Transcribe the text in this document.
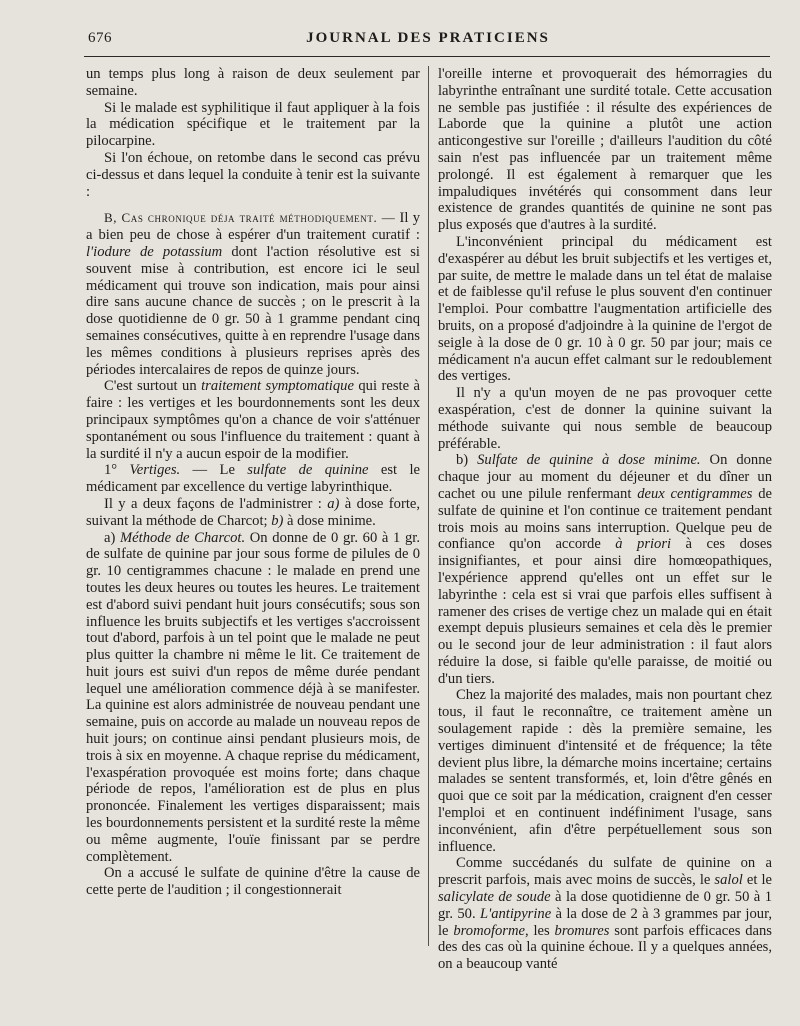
676	JOURNAL DES PRATICIENS

un temps plus long à raison de deux seulement par semaine.

Si le malade est syphilitique il faut appliquer à la fois la médication spécifique et le traitement par la pilocarpine.

Si l'on échoue, on retombe dans le second cas prévu ci-dessus et dans lequel la conduite à tenir est la suivante :

B, Cas chronique déja traité méthodiquement. — Il y a bien peu de chose à espérer d'un traitement curatif : l'iodure de potassium dont l'action résolutive est si souvent mise à contribution, est encore ici le seul médicament qui trouve son indication, mais pour ainsi dire sans aucune chance de succès ; on le prescrit à la dose quotidienne de 0 gr. 50 à 1 gramme pendant cinq semaines consécutives, quitte à en reprendre l'usage dans les mêmes conditions à plusieurs reprises après des périodes intercalaires de repos de quinze jours.

C'est surtout un traitement symptomatique qui reste à faire : les vertiges et les bourdonnements sont les deux principaux symptômes qu'on a chance de voir s'atténuer spontanément ou sous l'influence du traitement : quant à la surdité il n'y a aucun espoir de la modifier.

1° Vertiges. — Le sulfate de quinine est le médicament par excellence du vertige labyrinthique.

Il y a deux façons de l'administrer : a) à dose forte, suivant la méthode de Charcot; b) à dose minime.

a) Méthode de Charcot. On donne de 0 gr. 60 à 1 gr. de sulfate de quinine par jour sous forme de pilules de 0 gr. 10 centigrammes chacune : le malade en prend une toutes les deux heures ou toutes les heures. Le traitement est d'abord suivi pendant huit jours consécutifs; sous son influence les bruits subjectifs et les vertiges s'accroissent tout d'abord, parfois à un tel point que le malade ne peut plus quitter la chambre ni même le lit. Ce traitement de huit jours est suivi d'un repos de même durée pendant lequel une amélioration commence déjà à se manifester. La quinine est alors administrée de nouveau pendant une semaine, puis on accorde au malade un nouveau repos de huit jours; on continue ainsi pendant plusieurs mois, de trois à six en moyenne. A chaque reprise du médicament, l'exaspération provoquée est moins forte; dans chaque période de repos, l'amélioration est de plus en plus prononcée. Finalement les vertiges disparaissent; mais les bourdonnements persistent et la surdité reste la même ou même augmente, l'ouïe finissant par se perdre complètement.

On a accusé le sulfate de quinine d'être la cause de cette perte de l'audition ; il congestionnerait

l'oreille interne et provoquerait des hémorragies du labyrinthe entraînant une surdité totale. Cette accusation ne semble pas justifiée : il résulte des expériences de Laborde que la quinine a plutôt une action anticongestive sur l'oreille ; d'ailleurs l'audition du côté sain n'est pas influencée par un traitement même prolongé. Il est également à remarquer que les impaludiques invétérés qui consomment dans leur existence de grandes quantités de quinine ne sont pas plus exposés que d'autres à la surdité.

L'inconvénient principal du médicament est d'exaspérer au début les bruit subjectifs et les vertiges et, par suite, de mettre le malade dans un tel état de malaise et de faiblesse qu'il refuse le plus souvent d'en continuer l'emploi. Pour combattre l'augmentation artificielle des bruits, on a proposé d'adjoindre à la quinine de l'ergot de seigle à la dose de 0 gr. 10 à 0 gr. 50 par jour; mais ce médicament n'a aucun effet calmant sur le redoublement des vertiges.

Il n'y a qu'un moyen de ne pas provoquer cette exaspération, c'est de donner la quinine suivant la méthode suivante qui nous semble de beaucoup préférable.

b) Sulfate de quinine à dose minime. On donne chaque jour au moment du déjeuner et du dîner un cachet ou une pilule renfermant deux centigrammes de sulfate de quinine et l'on continue ce traitement pendant trois mois au moins sans interruption. Quelque peu de confiance qu'on accorde à priori à ces doses insignifiantes, et pour ainsi dire homœopathiques, l'expérience apprend qu'elles ont un effet sur le labyrinthe : cela est si vrai que parfois elles suffisent à ramener des crises de vertige chez un malade qui en était exempt depuis plusieurs semaines et cela dès le premier ou le second jour de leur administration : il faut alors réduire la dose, si faible qu'elle paraisse, de moitié ou d'un tiers.

Chez la majorité des malades, mais non pourtant chez tous, il faut le reconnaître, ce traitement amène un soulagement rapide : dès la première semaine, les vertiges diminuent d'intensité et de fréquence; la tête devient plus libre, la démarche moins incertaine; certains malades se sentent transformés, et, loin d'être gênés en quoi que ce soit par la médication, craignent d'en cesser l'emploi et en continuent indéfiniment l'usage, sans inconvénient, afin d'être perpétuellement sous son influence.

Comme succédanés du sulfate de quinine on a prescrit parfois, mais avec moins de succès, le salol et le salicylate de soude à la dose quotidienne de 0 gr. 50 à 1 gr. 50. L'antipyrine à la dose de 2 à 3 grammes par jour, le bromoforme, les bromures sont parfois efficaces dans des des cas où la quinine échoue. Il y a quelques années, on a beaucoup vanté
